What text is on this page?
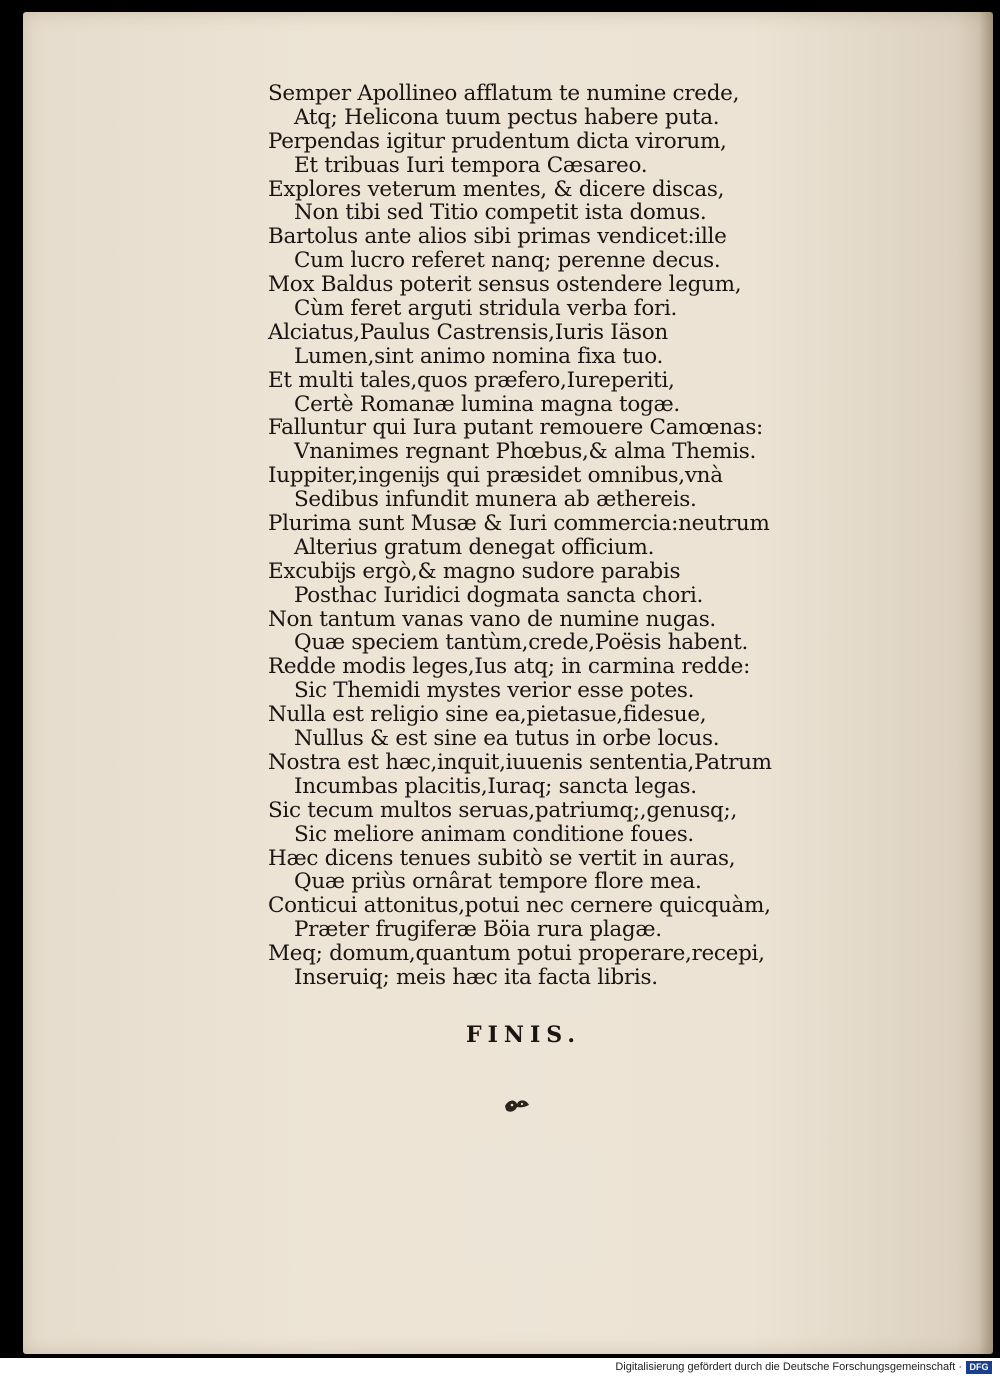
Semper Apollineo afflatum te numine crede,
Atq; Helicona tuum pectus habere puta.
Perpendas igitur prudentum dicta virorum,
Et tribuas Iuri tempora Cæsareo.
Explores veterum mentes, & dicere discas,
Non tibi sed Titio competit ista domus.
Bartolus ante alios sibi primas vendicet:ille
Cum lucro referet nanq; perenne decus.
Mox Baldus poterit sensus ostendere legum,
Cùm feret arguti stridula verba fori.
Alciatus,Paulus Castrensis,Iuris Iäson
Lumen,sint animo nomina fixa tuo.
Et multi tales,quos præfero,Iureperiti,
Certè Romanæ lumina magna togæ.
Falluntur qui Iura putant remouere Camœnas:
Vnanimes regnant Phœbus,& alma Themis.
Iuppiter,ingenĳs qui præsidet omnibus,vnà
Sedibus infundit munera ab æthereis.
Plurima sunt Musæ & Iuri commercia:neutrum
Alterius gratum denegat officium.
Excubĳs ergò,& magno sudore parabis
Posthac Iuridici dogmata sancta chori.
Non tantum vanas vano de numine nugas.
Quæ speciem tantùm,crede,Poësis habent.
Redde modis leges,Ius atq; in carmina redde:
Sic Themidi mystes verior esse potes.
Nulla est religio sine ea,pietasue,fidesue,
Nullus & est sine ea tutus in orbe locus.
Nostra est hæc,inquit,iuuenis sententia,Patrum
Incumbas placitis,Iuraq; sancta legas.
Sic tecum multos seruas,patriumq;,genusq;,
Sic meliore animam conditione foues.
Hæc dicens tenues subitò se vertit in auras,
Quæ priùs ornârat tempore flore mea.
Conticui attonitus,potui nec cernere quicquàm,
Præter frugiferæ Böia rura plagæ.
Meq; domum,quantum potui properare,recepi,
Inseruiq; meis hæc ita facta libris.
FINIS.
Digitalisierung gefördert durch die Deutsche Forschungsgemeinschaft · DFG
